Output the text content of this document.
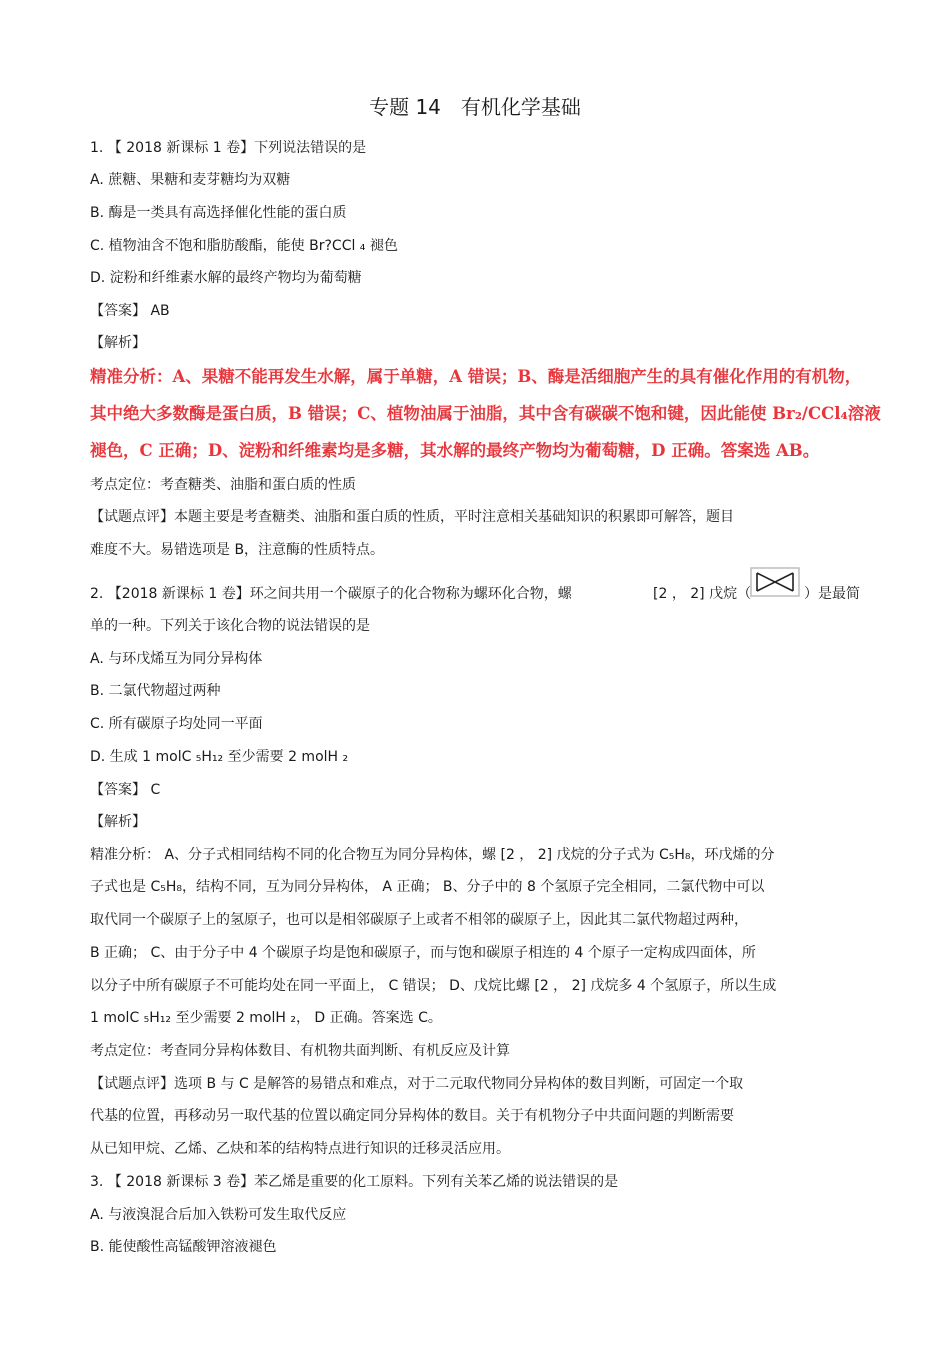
专题 14　有机化学基础
1. 【 2018 新课标 1 卷】下列说法错误的是
A. 蔗糖、果糖和麦芽糖均为双糖
B. 酶是一类具有高选择催化性能的蛋白质
C. 植物油含不饱和脂肪酸酯，能使 Br?CCl ₄ 褪色
D. 淀粉和纤维素水解的最终产物均为葡萄糖
【答案】 AB
【解析】
精准分析：A、果糖不能再发生水解，属于单糖，A 错误；B、酶是活细胞产生的具有催化作用的有机物，
其中绝大多数酶是蛋白质，B 错误；C、植物油属于油脂，其中含有碳碳不饱和键，因此能使 Br₂/CCl₄溶液
褪色，C 正确；D、淀粉和纤维素均是多糖，其水解的最终产物均为葡萄糖，D 正确。答案选 AB。
考点定位：考查糖类、油脂和蛋白质的性质
【试题点评】本题主要是考查糖类、油脂和蛋白质的性质，平时注意相关基础知识的积累即可解答，题目
难度不大。易错选项是 B，注意酶的性质特点。
2. 【2018 新课标 1 卷】环之间共用一个碳原子的化合物称为螺环化合物，螺	[2 ， 2] 戊烷（	）是最简
单的一种。下列关于该化合物的说法错误的是
A. 与环戊烯互为同分异构体
B. 二氯代物超过两种
C. 所有碳原子均处同一平面
D. 生成 1 molC ₅H₁₂ 至少需要 2 molH ₂
【答案】 C
【解析】
精准分析： A、分子式相同结构不同的化合物互为同分异构体，螺 [2 ， 2] 戊烷的分子式为 C₅H₈，环戊烯的分
子式也是 C₅H₈，结构不同，互为同分异构体， A 正确； B、分子中的 8 个氢原子完全相同，二氯代物中可以
取代同一个碳原子上的氢原子，也可以是相邻碳原子上或者不相邻的碳原子上，因此其二氯代物超过两种，
B 正确； C、由于分子中 4 个碳原子均是饱和碳原子，而与饱和碳原子相连的 4 个原子一定构成四面体，所
以分子中所有碳原子不可能均处在同一平面上， C 错误； D、戊烷比螺 [2 ， 2] 戊烷多 4 个氢原子，所以生成
1 molC ₅H₁₂ 至少需要 2 molH ₂， D 正确。答案选 C。
考点定位：考查同分异构体数目、有机物共面判断、有机反应及计算
【试题点评】选项 B 与 C 是解答的易错点和难点，对于二元取代物同分异构体的数目判断，可固定一个取
代基的位置，再移动另一取代基的位置以确定同分异构体的数目。关于有机物分子中共面问题的判断需要
从已知甲烷、乙烯、乙炔和苯的结构特点进行知识的迁移灵活应用。
3. 【 2018 新课标 3 卷】苯乙烯是重要的化工原料。下列有关苯乙烯的说法错误的是
A. 与液溴混合后加入铁粉可发生取代反应
B. 能使酸性高锰酸钾溶液褪色
